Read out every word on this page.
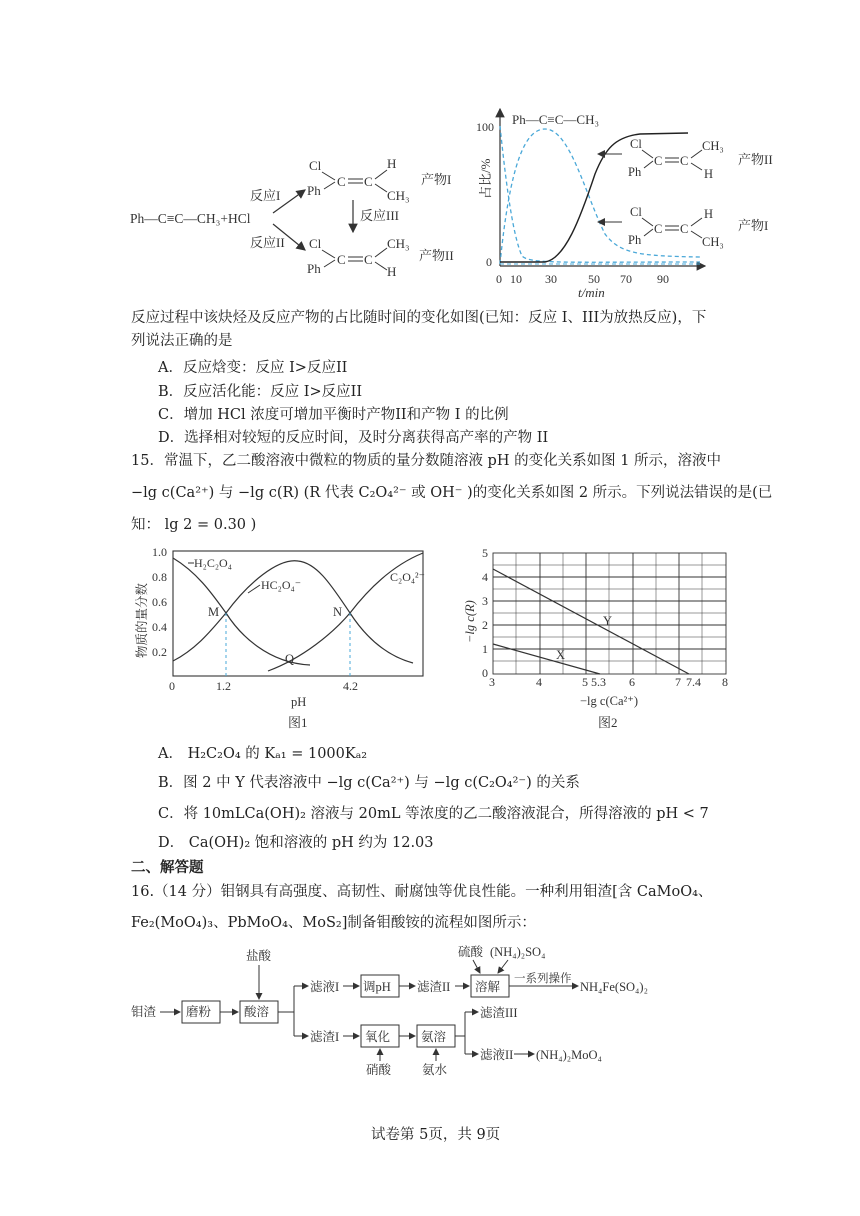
Ph—C≡C—CH₃+HCl
反应I
反应II
Cl
Ph
C C
H
CH₃
产物I
反应III
Cl
Ph
C C
CH₃
H
产物II
占比/%
100
0
0 10 30	50 70 90
t/min
Ph—C≡C—CH₃
Cl
Ph
C C
CH₃
H
产物II
Cl
Ph
C C
H
CH₃
产物I
反应过程中该炔烃及反应产物的占比随时间的变化如图(已知：反应 I、III为放热反应)，下
列说法正确的是
A．反应焓变：反应 I>反应II
B．反应活化能：反应 I>反应II
C．增加 HCl 浓度可增加平衡时产物II和产物 I 的比例
D．选择相对较短的反应时间，及时分离获得高产率的产物 II
15．常温下，乙二酸溶液中微粒的物质的量分数随溶液 pH 的变化关系如图 1 所示，溶液中
−lg c(Ca²⁺) 与 −lg c(R) (R 代表 C₂O₄²⁻ 或 OH⁻ )的变化关系如图 2 所示。下列说法错误的是(已
知： lg 2 = 0.30 )
物质的量分数
1.0
0.8
0.6
0.4
0.2
0	1.2	4.2
pH
图1
H₂C₂O₄
HC₂O₄⁻
C₂O₄²⁻
M	N
Q
−lg c(R)
5
4
3
2
1
0
3	4	5 5.3 6	7 7.4 8
−lg c(Ca²⁺)
图2
Y
X
A． H₂C₂O₄ 的 Kₐ₁ = 1000Kₐ₂
B．图 2 中 Y 代表溶液中 −lg c(Ca²⁺) 与 −lg c(C₂O₄²⁻) 的关系
C．将 10mLCa(OH)₂ 溶液与 20mL 等浓度的乙二酸溶液混合，所得溶液的 pH < 7
D． Ca(OH)₂ 饱和溶液的 pH 约为 12.03
二、解答题
16.（14 分）钼钢具有高强度、高韧性、耐腐蚀等优良性能。一种利用钼渣[含 CaMoO₄、
Fe₂(MoO₄)₃、PbMoO₄、MoS₂]制备钼酸铵的流程如图所示：
钼渣 磨粉	酸溶
盐酸
滤液I 调pH 滤渣II 溶解
硫酸 (NH₄)₂SO₄
一系列操作
NH₄Fe(SO₄)₂
滤渣I 氧化
硝酸
氨溶
氨水
滤渣III
滤液II (NH₄)₂MoO₄
试卷第 5页，共 9页
